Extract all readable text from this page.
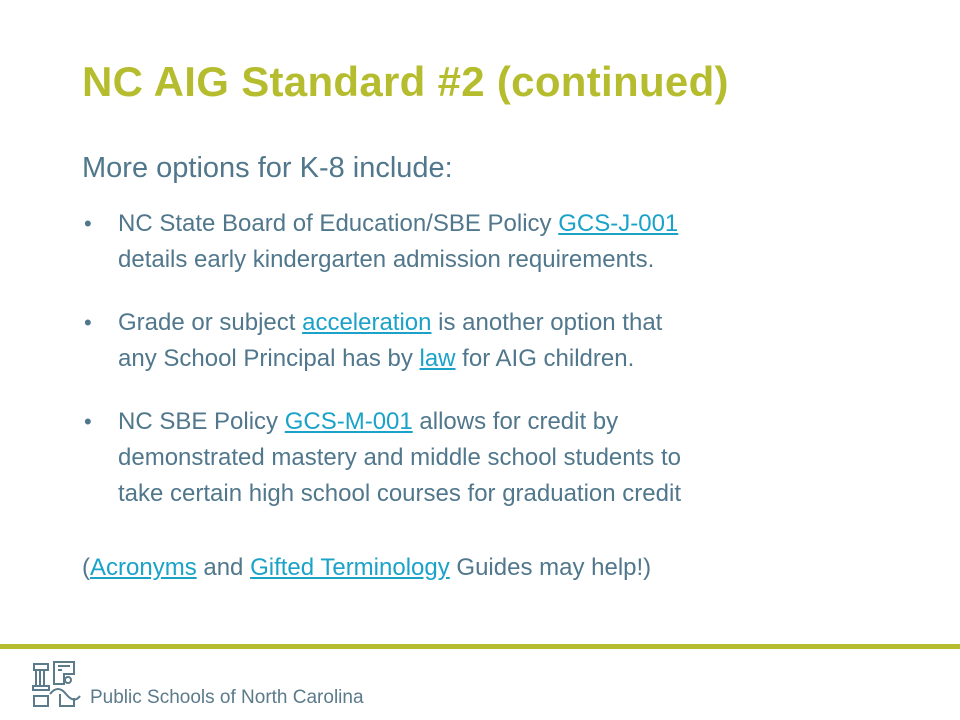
NC AIG Standard #2 (continued)
More options for K-8 include:
• NC State Board of Education/SBE Policy GCS-J-001
details early kindergarten admission requirements.
• Grade or subject acceleration is another option that
any School Principal has by law for AIG children.
• NC SBE Policy GCS-M-001 allows for credit by
demonstrated mastery and middle school students to
take certain high school courses for graduation credit
(Acronyms and Gifted Terminology Guides may help!)
Public Schools of North Carolina
